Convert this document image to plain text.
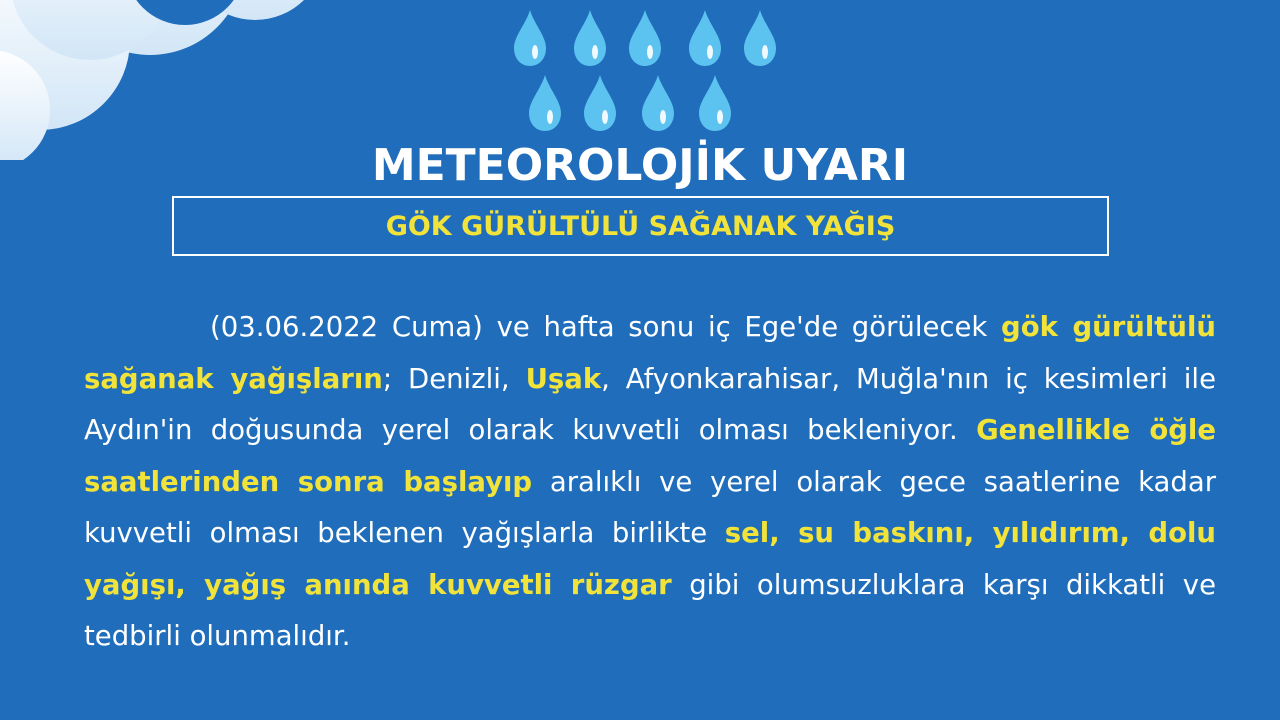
METEOROLOJİK UYARI
GÖK GÜRÜLTÜLÜ SAĞANAK YAĞIŞ

(03.06.2022 Cuma) ve hafta sonu iç Ege'de görülecek gök gürültülü sağanak yağışların; Denizli, Uşak, Afyonkarahisar, Muğla'nın iç kesimleri ile Aydın'in doğusunda yerel olarak kuvvetli olması bekleniyor. Genellikle öğle saatlerinden sonra başlayıp aralıklı ve yerel olarak gece saatlerine kadar kuvvetli olması beklenen yağışlarla birlikte sel, su baskını, yılıdırım, dolu yağışı, yağış anında kuvvetli rüzgar gibi olumsuzluklara karşı dikkatli ve tedbirli olunmalıdır.
